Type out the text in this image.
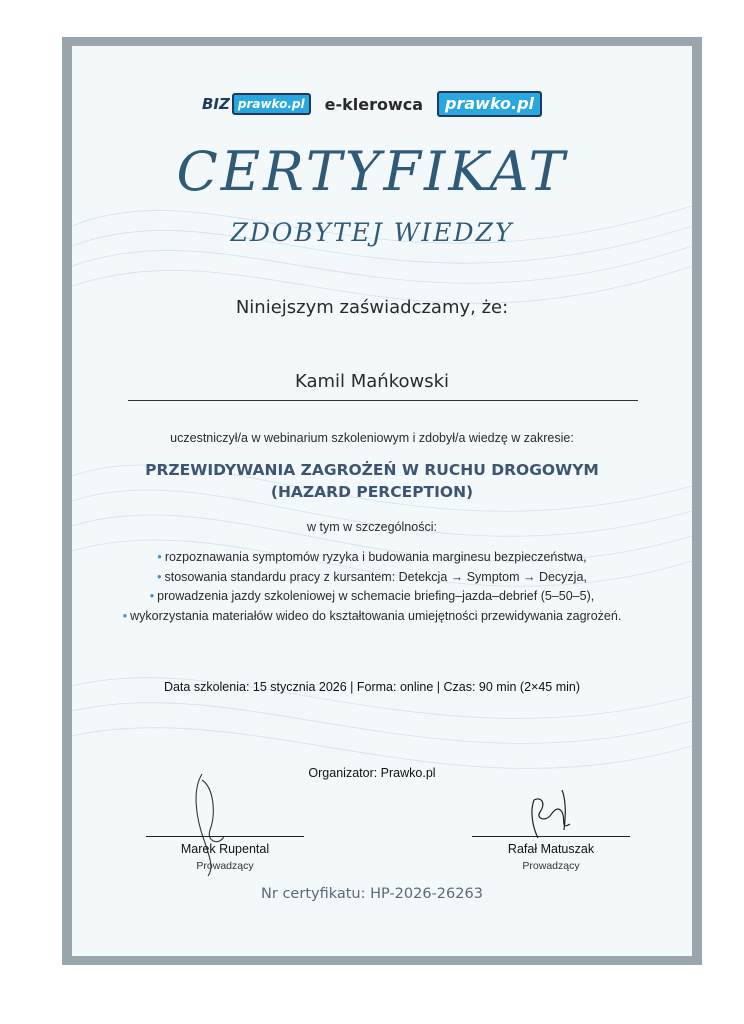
BIZ prawko.pl	e-klerowca	prawko.pl
CERTYFIKAT
ZDOBYTEJ WIEDZY
Niniejszym zaświadczamy, że:
Kamil Mańkowski
uczestniczył/a w webinarium szkoleniowym i zdobył/a wiedzę w zakresie:
PRZEWIDYWANIA ZAGROŻEŃ W RUCHU DROGOWYM
(HAZARD PERCEPTION)
w tym w szczególności:
• rozpoznawania symptomów ryzyka i budowania marginesu bezpieczeństwa,
• stosowania standardu pracy z kursantem: Detekcja → Symptom → Decyzja,
• prowadzenia jazdy szkoleniowej w schemacie briefing–jazda–debrief (5–50–5),
• wykorzystania materiałów wideo do kształtowania umiejętności przewidywania zagrożeń.
Data szkolenia: 15 stycznia 2026 | Forma: online | Czas: 90 min (2×45 min)
Organizator: Prawko.pl
Marek Rupental
Prowadzący
Rafał Matuszak
Prowadzący
Nr certyfikatu: HP-2026-26263
